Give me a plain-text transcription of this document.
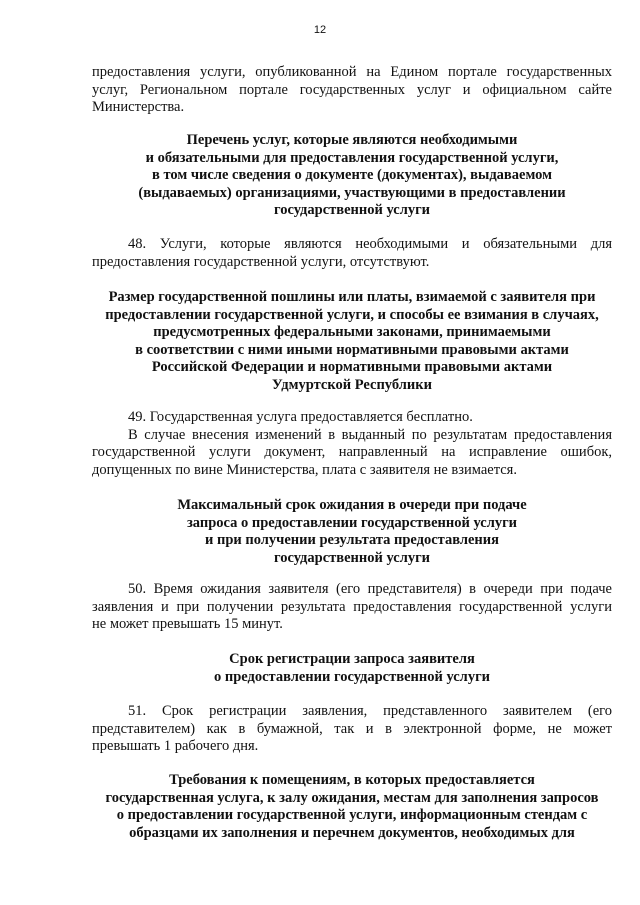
12
предоставления услуги, опубликованной на Едином портале государственных
услуг, Региональном портале государственных услуг и официальном сайте
Министерства.
Перечень услуг, которые являются необходимыми
и обязательными для предоставления государственной услуги,
в том числе сведения о документе (документах), выдаваемом
(выдаваемых) организациями, участвующими в предоставлении
государственной услуги
48. Услуги, которые являются необходимыми и обязательными для
предоставления государственной услуги, отсутствуют.
Размер государственной пошлины или платы, взимаемой с заявителя при
предоставлении государственной услуги, и способы ее взимания в случаях,
предусмотренных федеральными законами, принимаемыми
в соответствии с ними иными нормативными правовыми актами
Российской Федерации и нормативными правовыми актами
Удмуртской Республики
49. Государственная услуга предоставляется бесплатно.
В случае внесения изменений в выданный по результатам предоставления
государственной услуги документ, направленный на исправление ошибок,
допущенных по вине Министерства, плата с заявителя не взимается.
Максимальный срок ожидания в очереди при подаче
запроса о предоставлении государственной услуги
и при получении результата предоставления
государственной услуги
50. Время ожидания заявителя (его представителя) в очереди при подаче
заявления и при получении результата предоставления государственной услуги
не может превышать 15 минут.
Срок регистрации запроса заявителя
о предоставлении государственной услуги
51. Срок регистрации заявления, представленного заявителем (его
представителем) как в бумажной, так и в электронной форме, не может
превышать 1 рабочего дня.
Требования к помещениям, в которых предоставляется
государственная услуга, к залу ожидания, местам для заполнения запросов
о предоставлении государственной услуги, информационным стендам с
образцами их заполнения и перечнем документов, необходимых для
